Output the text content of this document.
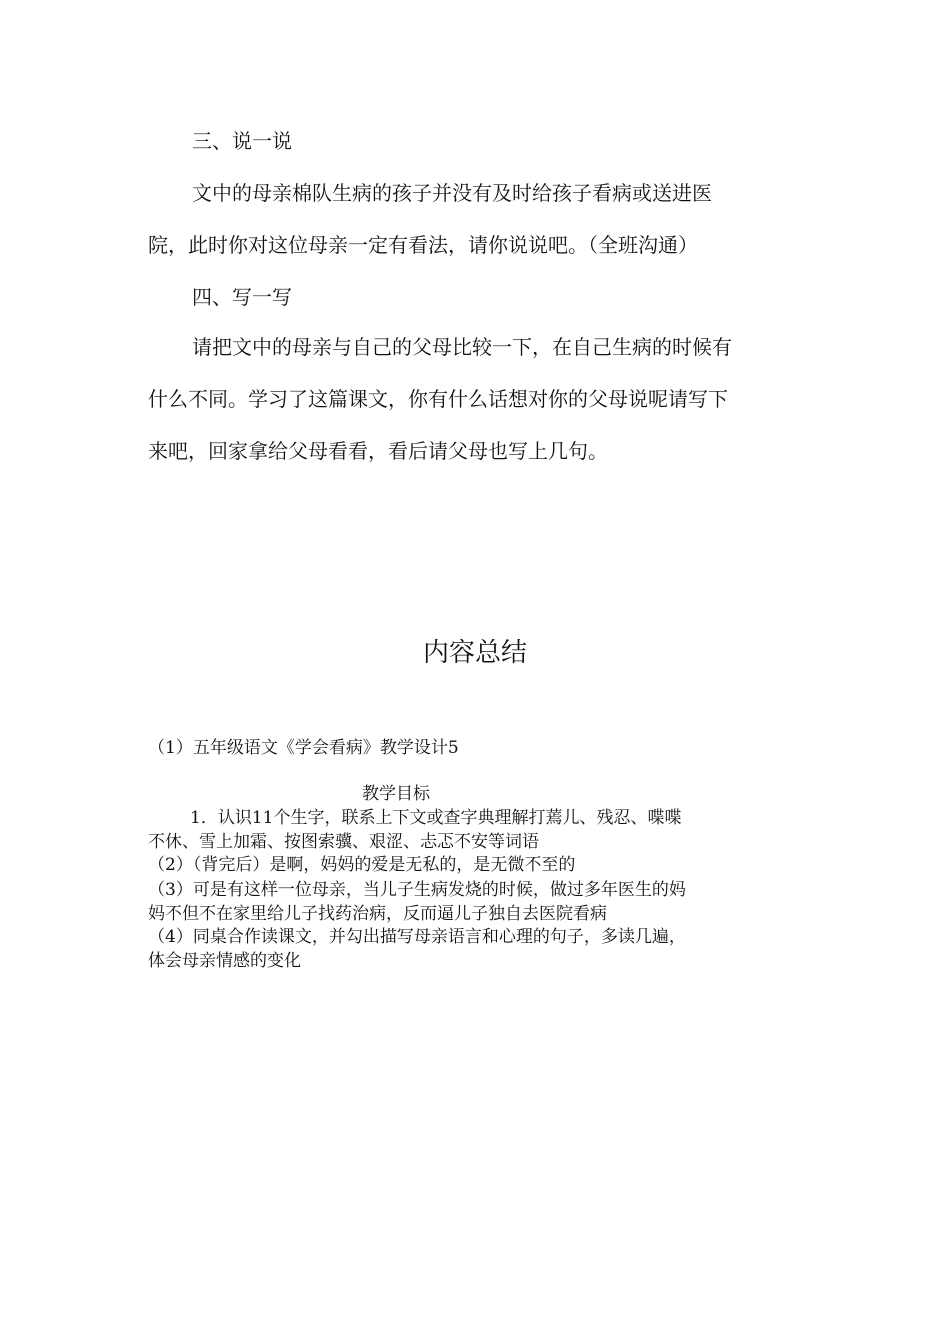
三、说一说

文中的母亲棉队生病的孩子并没有及时给孩子看病或送进医

院，此时你对这位母亲一定有看法，请你说说吧。（全班沟通）

四、写一写

请把文中的母亲与自己的父母比较一下，在自己生病的时候有

什么不同。学习了这篇课文，你有什么话想对你的父母说呢请写下

来吧，回家拿给父母看看，看后请父母也写上几句。

内容总结

（1）五年级语文《学会看病》教学设计5

教学目标

1．认识11个生字，联系上下文或查字典理解打蔫儿、残忍、喋喋

不休、雪上加霜、按图索骥、艰涩、忐忑不安等词语

（2）（背完后）是啊，妈妈的爱是无私的，是无微不至的

（3）可是有这样一位母亲，当儿子生病发烧的时候，做过多年医生的妈

妈不但不在家里给儿子找药治病，反而逼儿子独自去医院看病

（4）同桌合作读课文，并勾出描写母亲语言和心理的句子，多读几遍，

体会母亲情感的变化
